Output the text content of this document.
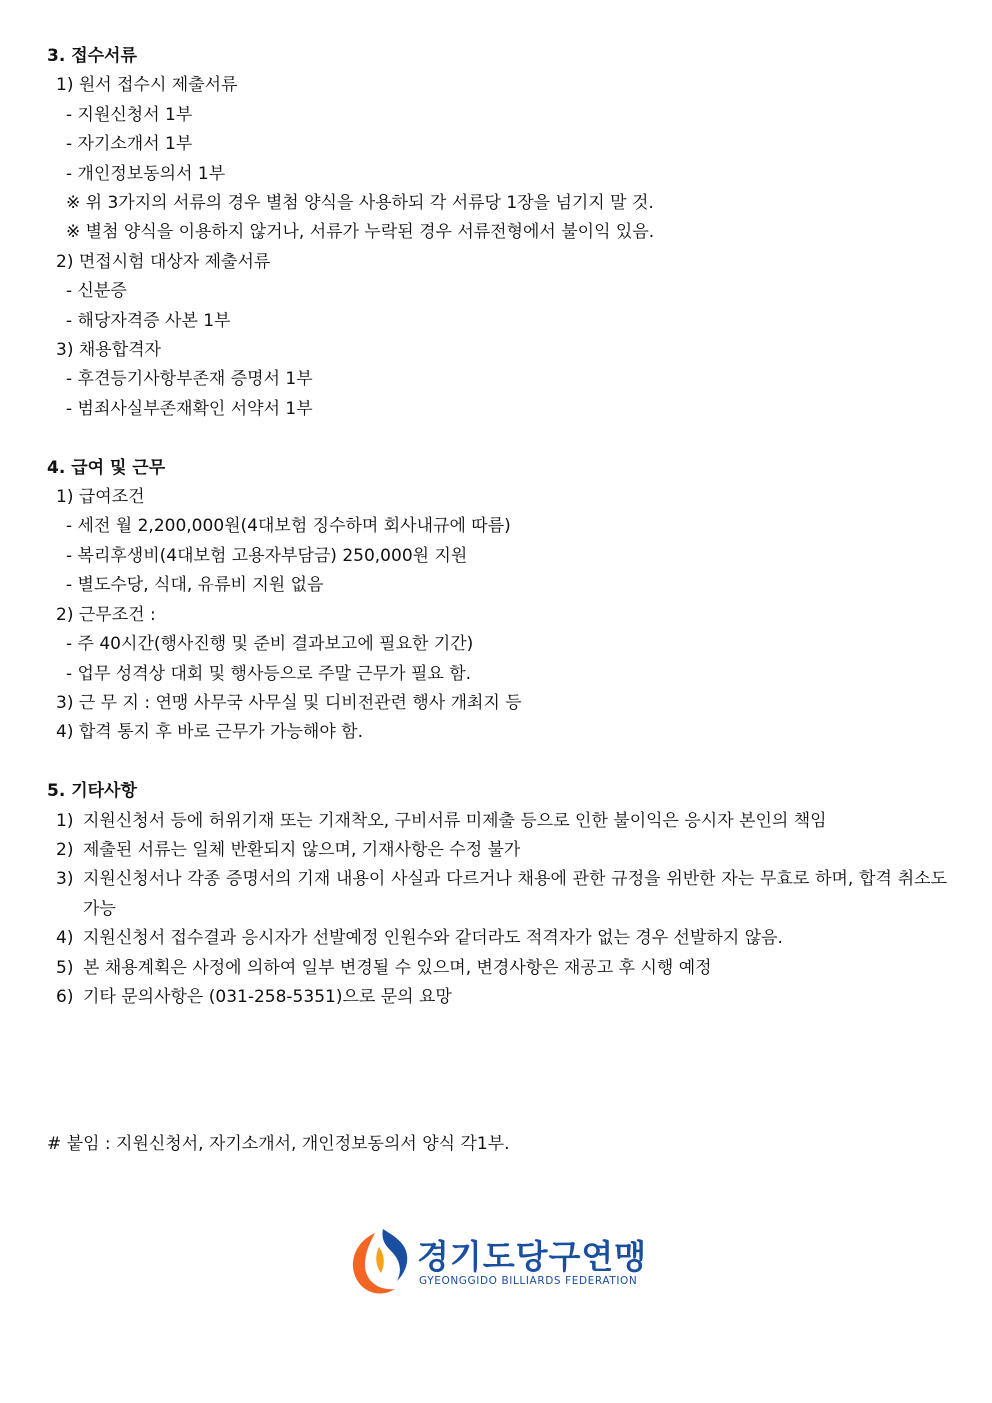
3. 접수서류
1) 원서 접수시 제출서류
- 지원신청서 1부
- 자기소개서 1부
- 개인정보동의서 1부
※ 위 3가지의 서류의 경우 별첨 양식을 사용하되 각 서류당 1장을 넘기지 말 것.
※ 별첨 양식을 이용하지 않거나, 서류가 누락된 경우 서류전형에서 불이익 있음.
2) 면접시험 대상자 제출서류
- 신분증
- 해당자격증 사본 1부
3) 채용합격자
- 후견등기사항부존재 증명서 1부
- 범죄사실부존재확인 서약서 1부
4. 급여 및 근무
1) 급여조건
- 세전 월 2,200,000원(4대보험 징수하며 회사내규에 따름)
- 복리후생비(4대보험 고용자부담금) 250,000원 지원
- 별도수당, 식대, 유류비 지원 없음
2) 근무조건 :
- 주 40시간(행사진행 및 준비 결과보고에 필요한 기간)
- 업무 성격상 대회 및 행사등으로 주말 근무가 필요 함.
3) 근 무 지 : 연맹 사무국 사무실 및 디비전관련 행사 개최지 등
4) 합격 통지 후 바로 근무가 가능해야 함.
5. 기타사항
1) 지원신청서 등에 허위기재 또는 기재착오, 구비서류 미제출 등으로 인한 불이익은 응시자 본인의 책임
2) 제출된 서류는 일체 반환되지 않으며, 기재사항은 수정 불가
3) 지원신청서나 각종 증명서의 기재 내용이 사실과 다르거나 채용에 관한 규정을 위반한 자는 무효로 하며, 합격 취소도 가능
4) 지원신청서 접수결과 응시자가 선발예정 인원수와 같더라도 적격자가 없는 경우 선발하지 않음.
5) 본 채용계획은 사정에 의하여 일부 변경될 수 있으며, 변경사항은 재공고 후 시행 예정
6) 기타 문의사항은 (031-258-5351)으로 문의 요망
# 붙임 : 지원신청서, 자기소개서, 개인정보동의서 양식 각1부.
경기도당구연맹
GYEONGGIDO BILLIARDS FEDERATION
